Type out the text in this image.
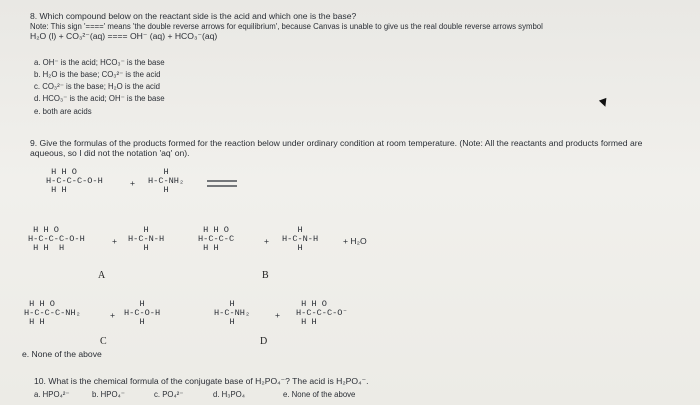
8. Which compound below on the reactant side is the acid and which one is the base?
Note: This sign '====' means 'the double reverse arrows for equilibrium', because Canvas is unable to give us the real double reverse arrows symbol
H₂O (l) + CO₃²⁻(aq) ==== OH⁻ (aq) + HCO₃⁻(aq)
a. OH⁻ is the acid; HCO₃⁻ is the base
b. H₂O is the base; CO₃²⁻ is the acid
c. CO₃²⁻ is the base; H₂O is the acid
d. HCO₃⁻ is the acid; OH⁻ is the base
e. both are acids
9. Give the formulas of the products formed for the reaction below under ordinary condition at room temperature. (Note: All the reactants and products formed are
aqueous, so I did not the notation 'aq' on).
H H O
H-C-C-C-O-H
H H
+
H
H-C-NH₂
H
H H O
H-C-C-C-O-H
H H  H
+
H
H-C-N-H
H
A
H H O
H-C-C-C
H H
+
H
H-C-N-H
H
+ H₂O
B
H H O
H-C-C-C-NH₂
H H
+
H
H-C-O-H
H
C
H
H-C-NH₂
H
+
H H O
H-C-C-C-O⁻
H H
D
e. None of the above
10. What is the chemical formula of the conjugate base of H₂PO₄⁻? The acid is H₂PO₄⁻.
a. HPO₄²⁻	b. HPO₄⁻	c. PO₄²⁻	d. H₃PO₄	e. None of the above
